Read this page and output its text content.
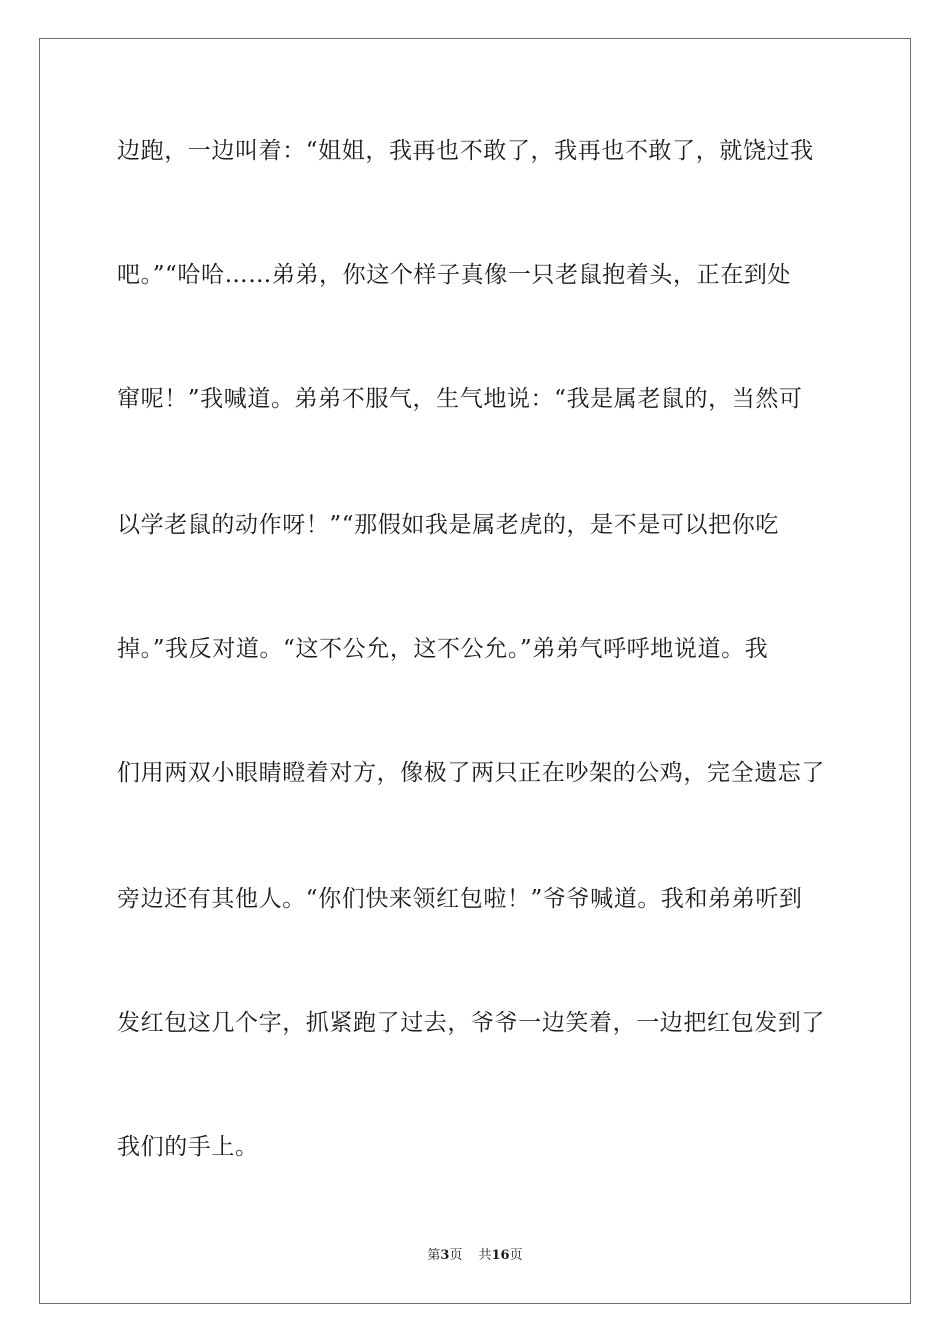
边跑，一边叫着：“姐姐，我再也不敢了，我再也不敢了，就饶过我
吧。”“哈哈……弟弟，你这个样子真像一只老鼠抱着头，正在到处
窜呢！”我喊道。弟弟不服气，生气地说：“我是属老鼠的，当然可
以学老鼠的动作呀！”“那假如我是属老虎的，是不是可以把你吃
掉。”我反对道。“这不公允，这不公允。”弟弟气呼呼地说道。我
们用两双小眼睛瞪着对方，像极了两只正在吵架的公鸡，完全遗忘了
旁边还有其他人。“你们快来领红包啦！”爷爷喊道。我和弟弟听到
发红包这几个字，抓紧跑了过去，爷爷一边笑着，一边把红包发到了
我们的手上。
第3页 共16页
